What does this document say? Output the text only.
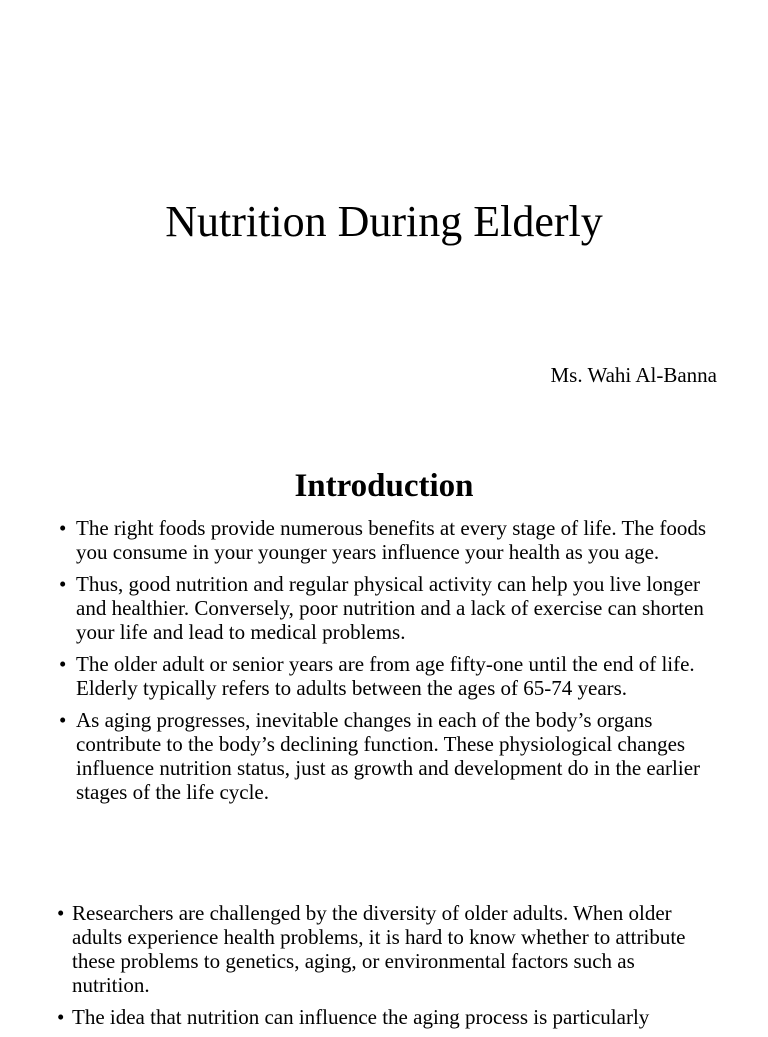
Nutrition During Elderly
Ms. Wahi Al-Banna
Introduction
• The right foods provide numerous benefits at every stage of life. The foods you consume in your younger years influence your health as you age.
• Thus, good nutrition and regular physical activity can help you live longer and healthier. Conversely, poor nutrition and a lack of exercise can shorten your life and lead to medical problems.
• The older adult or senior years are from age fifty-one until the end of life. Elderly typically refers to adults between the ages of 65-74 years.
• As aging progresses, inevitable changes in each of the body’s organs contribute to the body’s declining function. These physiological changes influence nutrition status, just as growth and development do in the earlier stages of the life cycle.
• Researchers are challenged by the diversity of older adults. When older adults experience health problems, it is hard to know whether to attribute these problems to genetics, aging, or environmental factors such as nutrition.
• The idea that nutrition can influence the aging process is particularly
